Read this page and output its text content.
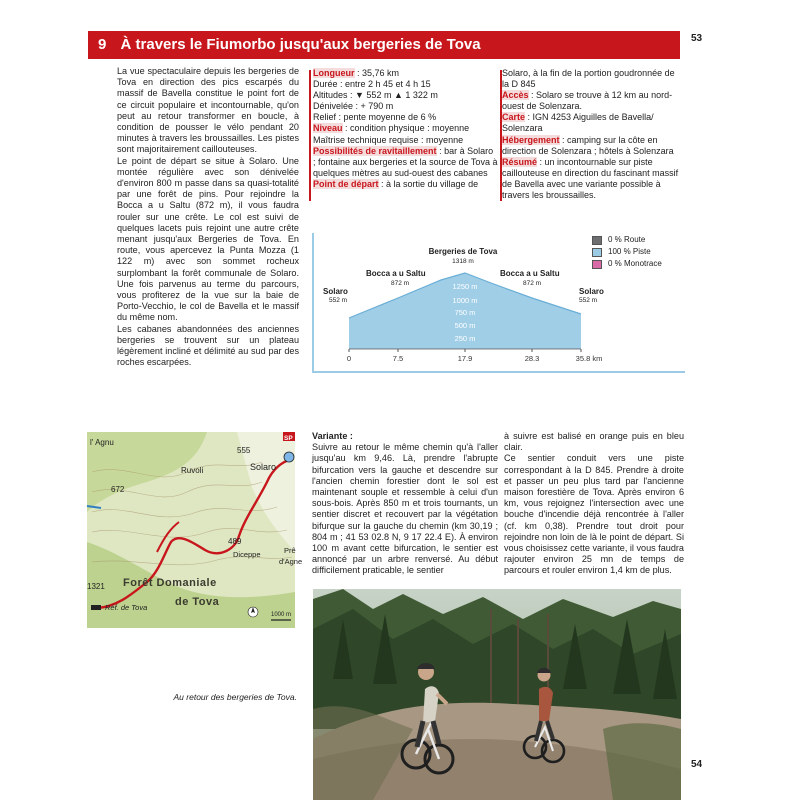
53
54
9 À travers le Fiumorbo jusqu'aux bergeries de Tova

La vue spectaculaire depuis les bergeries de Tova en direction des pics escarpés du massif de Bavella constitue le point fort de ce circuit populaire et incontournable, qu'on peut au retour transformer en boucle, à condition de pousser le vélo pendant 20 minutes à travers les broussailles. Les pistes sont majoritairement caillouteuses.

Le point de départ se situe à Solaro. Une montée régulière avec son dénivelée d'environ 800 m passe dans sa quasi-totalité par une forêt de pins. Pour rejoindre la Bocca a u Saltu (872 m), il vous faudra rouler sur une crête. Le col est suivi de quelques lacets puis rejoint une autre crête menant jusqu'aux Bergeries de Tova. En route, vous apercevez la Punta Mozza (1 122 m) avec son sommet rocheux surplombant la forêt communale de Solaro. Une fois parvenus au terme du parcours, vous profiterez de la vue sur la baie de Porto-Vecchio, le col de Bavella et le massif du même nom.

Les cabanes abandonnées des anciennes bergeries se trouvent sur un plateau légèrement incliné et délimité au sud par des roches escarpées.

Longueur : 35,76 km
Durée : entre 2 h 45 et 4 h 15
Altitudes : ▼ 552 m ▲ 1 322 m
Dénivelée : + 790 m
Relief : pente moyenne de 6 %
Niveau : condition physique : moyenne
Maîtrise technique requise : moyenne
Possibilités de ravitaillement : bar à Solaro ; fontaine aux bergeries et la source de Tova à quelques mètres au sud-ouest des cabanes
Point de départ : à la sortie du village de
Solaro, à la fin de la portion goudronnée de la D 845
Accès : Solaro se trouve à 12 km au nord-ouest de Solenzara.
Carte : IGN 4253 Aiguilles de Bavella/ Solenzara
Hébergement : camping sur la côte en direction de Solenzara ; hôtels à Solenzara
Résumé : un incontournable sur piste caillouteuse en direction du fascinant massif de Bavella avec une variante possible à travers les broussailles.
1250 m
1000 m
750 m
500 m
250 m
0	7.5	17.9	28.3	35.8 km
Solaro
552 m
Bocca a u Saltu
872 m
Bergeries de Tova
1318 m
Bocca a u Saltu
872 m
Solaro
552 m
0 % Route
100 % Piste
0 % Monotrace
l' Agnu
Ruvoli	Solaro
SP
555
672
489
Diceppe	Prê
d'Agne
1321 Forêt Domaniale
de Tova
Réf. de Tova
1000 m
Au retour des bergeries de Tova.

Variante :

Suivre au retour le même chemin qu'à l'aller jusqu'au km 9,46. Là, prendre l'abrupte bifurcation vers la gauche et descendre sur l'ancien chemin forestier dont le sol est maintenant souple et ressemble à celui d'un sous-bois. Après 850 m et trois tournants, un sentier discret et recouvert par la végétation bifurque sur la gauche du chemin (km 30,19 ; 804 m ; 41 53 02.8 N, 9 17 22.4 E). À environ 100 m avant cette bifurcation, le sentier est annoncé par un arbre renversé. Au début difficilement praticable, le sentier

à suivre est balisé en orange puis en bleu clair.

Ce sentier conduit vers une piste correspondant à la D 845. Prendre à droite et passer un peu plus tard par l'ancienne maison forestière de Tova. Après environ 6 km, vous rejoignez l'intersection avec une bouche d'incendie déjà rencontrée à l'aller (cf. km 0,38). Prendre tout droit pour rejoindre non loin de là le point de départ. Si vous choisissez cette variante, il vous faudra rajouter environ 25 mn de temps de parcours et rouler environ 1,4 km de plus.
